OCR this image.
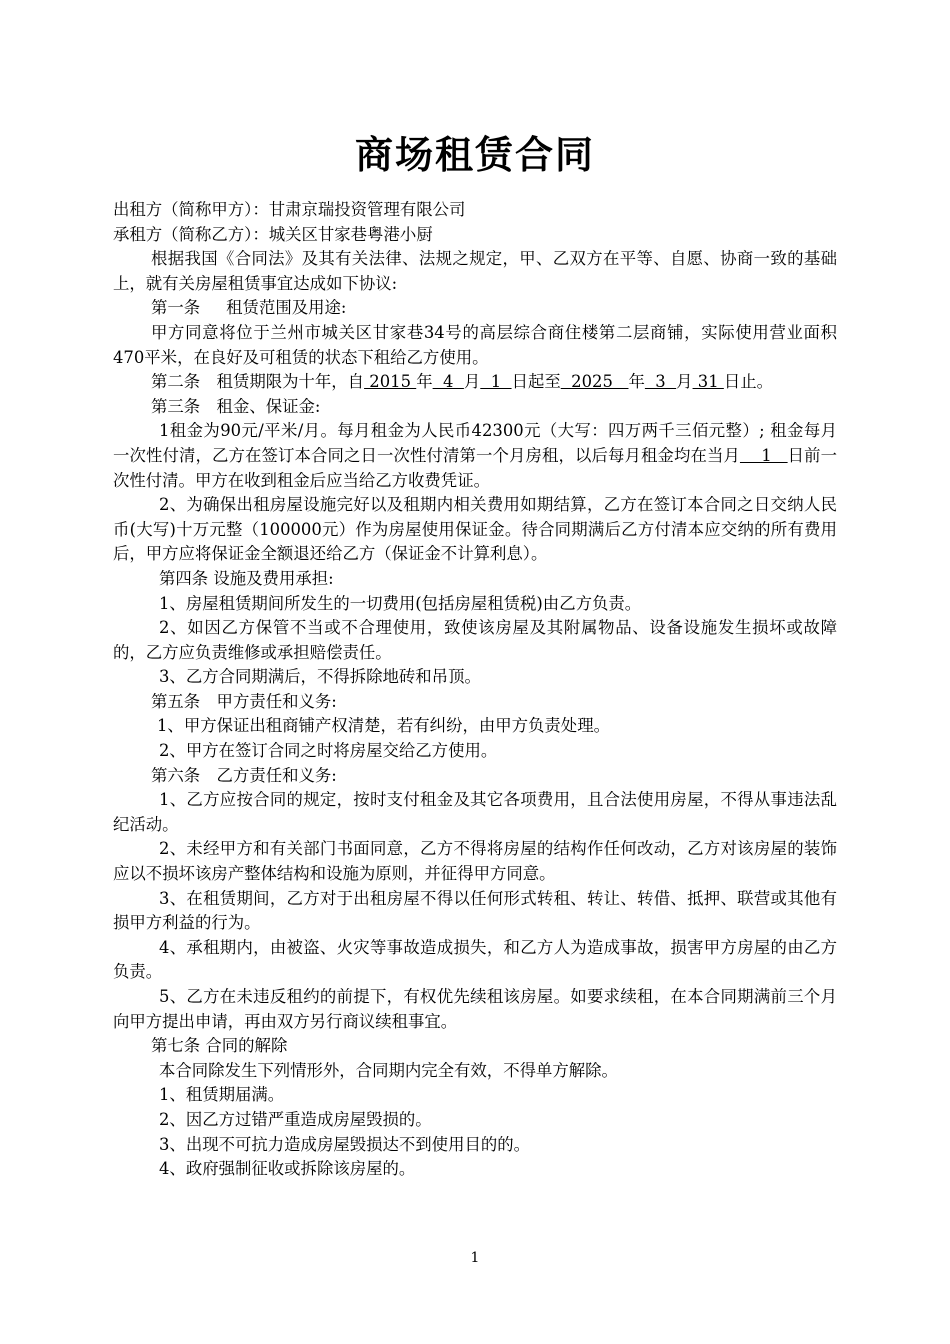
商场租赁合同

出租方（简称甲方）：甘肃京瑞投资管理有限公司

承租方（简称乙方）：城关区甘家巷粤港小厨

根据我国《合同法》及其有关法律、法规之规定，甲、乙双方在平等、自愿、协商一致的基础上，就有关房屋租赁事宜达成如下协议:

第一条 租赁范围及用途:

甲方同意将位于兰州市城关区甘家巷34号的高层综合商住楼第二层商铺，实际使用营业面积470平米，在良好及可租赁的状态下租给乙方使用。

第二条　租赁期限为十年，自 2015 年  4  月  1  日起至  2025   年  3  月 31 日止。

第三条　租金、保证金:

1租金为90元/平米/月。每月租金为人民币42300元（大写：四万两千三佰元整）; 租金每月一次性付清，乙方在签订本合同之日一次性付清第一个月房租，以后每月租金均在当月    1   日前一次性付清。甲方在收到租金后应当给乙方收费凭证。

2、为确保出租房屋设施完好以及租期内相关费用如期结算，乙方在签订本合同之日交纳人民币(大写)十万元整（100000元）作为房屋使用保证金。待合同期满后乙方付清本应交纳的所有费用后，甲方应将保证金全额退还给乙方（保证金不计算利息）。

第四条 设施及费用承担:

1、房屋租赁期间所发生的一切费用(包括房屋租赁税)由乙方负责。

2、如因乙方保管不当或不合理使用，致使该房屋及其附属物品、设备设施发生损坏或故障的，乙方应负责维修或承担赔偿责任。

3、乙方合同期满后，不得拆除地砖和吊顶。

第五条　甲方责任和义务:

1、甲方保证出租商铺产权清楚，若有纠纷，由甲方负责处理。

2、甲方在签订合同之时将房屋交给乙方使用。

第六条　乙方责任和义务:

1、乙方应按合同的规定，按时支付租金及其它各项费用，且合法使用房屋，不得从事违法乱纪活动。

2、未经甲方和有关部门书面同意，乙方不得将房屋的结构作任何改动，乙方对该房屋的装饰应以不损坏该房产整体结构和设施为原则，并征得甲方同意。

3、在租赁期间，乙方对于出租房屋不得以任何形式转租、转让、转借、抵押、联营或其他有损甲方利益的行为。

4、承租期内，由被盗、火灾等事故造成损失，和乙方人为造成事故，损害甲方房屋的由乙方负责。

5、乙方在未违反租约的前提下，有权优先续租该房屋。如要求续租，在本合同期满前三个月向甲方提出申请，再由双方另行商议续租事宜。

第七条 合同的解除

本合同除发生下列情形外，合同期内完全有效，不得单方解除。

1、租赁期届满。

2、因乙方过错严重造成房屋毁损的。

3、出现不可抗力造成房屋毁损达不到使用目的的。

4、政府强制征收或拆除该房屋的。

1
